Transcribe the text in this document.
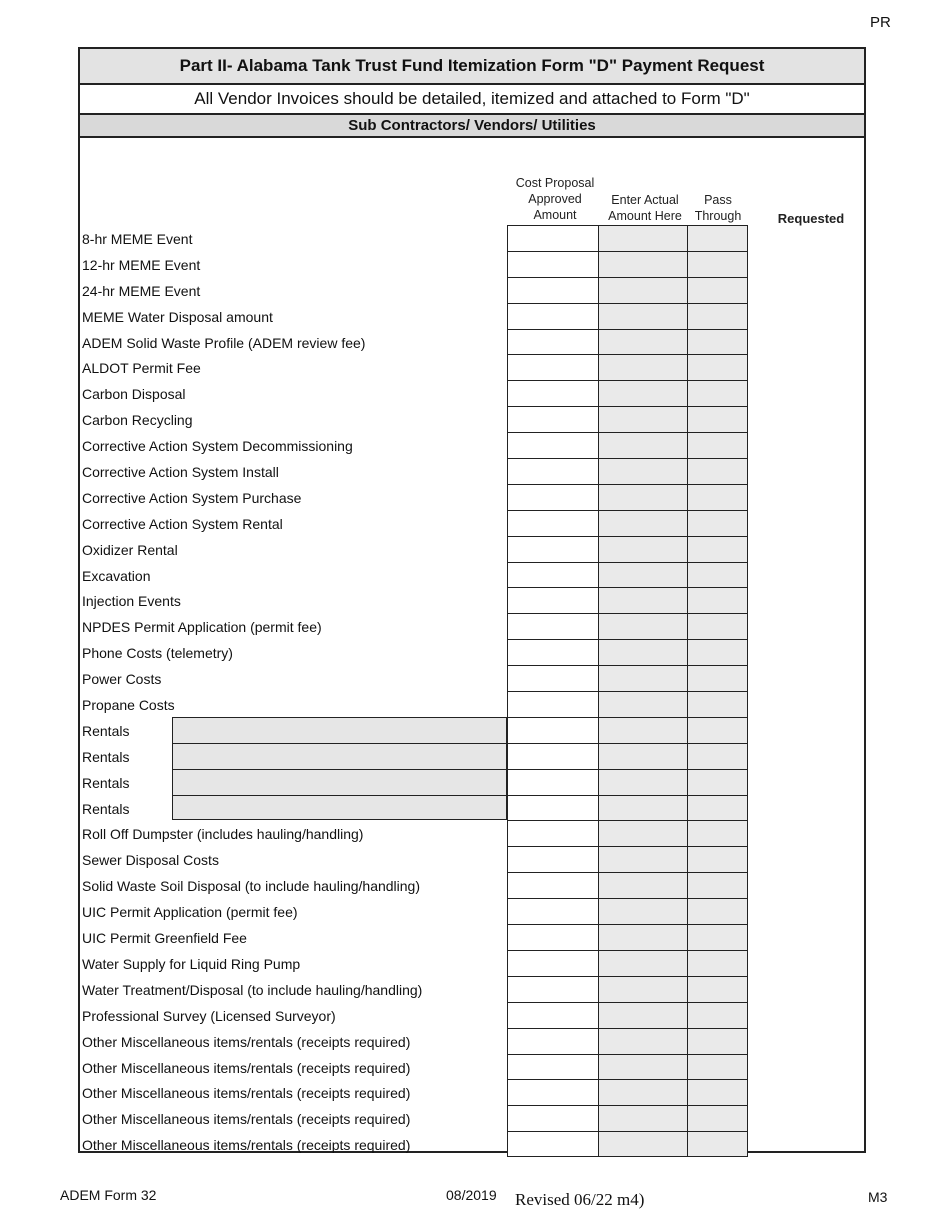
PR
Part II- Alabama Tank Trust Fund Itemization Form "D" Payment Request
All Vendor Invoices should be detailed, itemized and attached to Form "D"
Sub Contractors/ Vendors/ Utilities
Cost Proposal
Approved
Amount
Enter Actual
Amount Here
Pass
Through	Requested
8-hr MEME Event
12-hr MEME Event
24-hr MEME Event
MEME Water Disposal amount
ADEM Solid Waste Profile (ADEM review fee)
ALDOT Permit Fee
Carbon Disposal
Carbon Recycling
Corrective Action System Decommissioning
Corrective Action System Install
Corrective Action System Purchase
Corrective Action System Rental
Oxidizer Rental
Excavation
Injection Events
NPDES Permit Application (permit fee)
Phone Costs (telemetry)
Power Costs
Propane Costs
Rentals
Rentals
Rentals
Rentals
Roll Off Dumpster (includes hauling/handling)
Sewer Disposal Costs
Solid Waste Soil Disposal (to include hauling/handling)
UIC Permit Application (permit fee)
UIC Permit Greenfield Fee
Water Supply for Liquid Ring Pump
Water Treatment/Disposal (to include hauling/handling)
Professional Survey (Licensed Surveyor)
Other Miscellaneous items/rentals (receipts required)
Other Miscellaneous items/rentals (receipts required)
Other Miscellaneous items/rentals (receipts required)
Other Miscellaneous items/rentals (receipts required)
Other Miscellaneous items/rentals (receipts required)
ADEM Form 32	08/2019 Revised 06/22 m4)	M3
